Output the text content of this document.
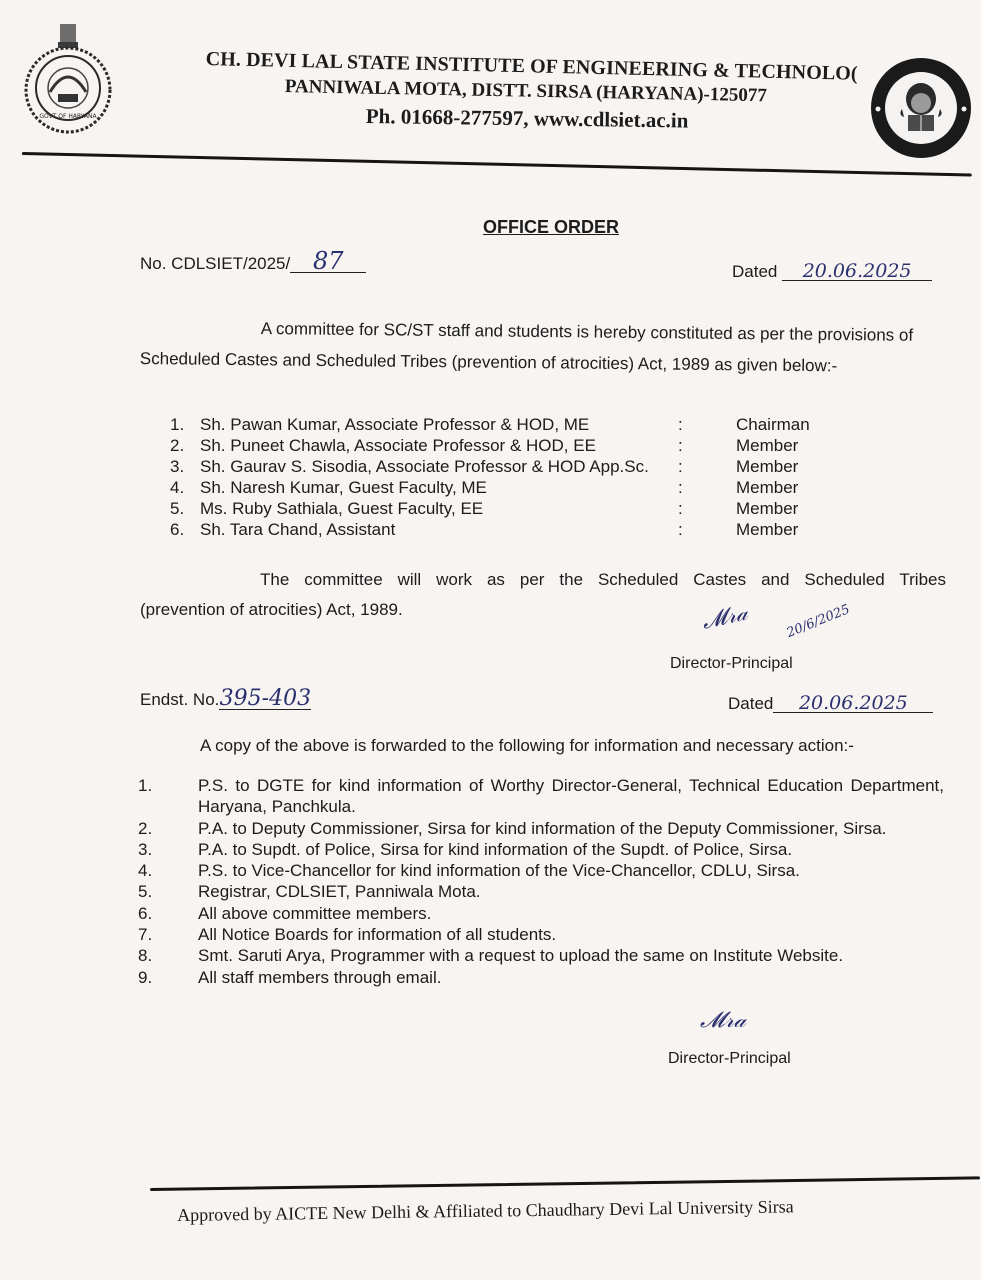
GOVT OF HARYANA
CH. DEVI LAL STATE INSTITUTE OF ENGINEERING & TECHNOLO(
PANNIWALA MOTA, DISTT. SIRSA (HARYANA)-125077
Ph. 01668-277597, www.cdlsiet.ac.in
OFFICE ORDER
No. CDLSIET/2025/ 87	Dated 20.06.2025
A committee for SC/ST staff and students is hereby constituted as per the provisions of
Scheduled Castes and Scheduled Tribes (prevention of atrocities) Act, 1989 as given below:-
1. Sh. Pawan Kumar, Associate Professor & HOD, ME	:	Chairman
2. Sh. Puneet Chawla, Associate Professor & HOD, EE	:	Member
3. Sh. Gaurav S. Sisodia, Associate Professor & HOD App.Sc.	:	Member
4. Sh. Naresh Kumar, Guest Faculty, ME	:	Member
5. Ms. Ruby Sathiala, Guest Faculty, EE	:	Member
6. Sh. Tara Chand, Assistant	:	Member
The committee will work as per the Scheduled Castes and Scheduled Tribes
(prevention of atrocities) Act, 1989.	𝓜𝓇𝒶	20/6/2025
Director-Principal
Endst. No.395-403	Dated 20.06.2025
A copy of the above is forwarded to the following for information and necessary action:-
1.	P.S. to DGTE for kind information of Worthy Director-General, Technical Education Department, Haryana, Panchkula.
2.	P.A. to Deputy Commissioner, Sirsa for kind information of the Deputy Commissioner, Sirsa.
3.	P.A. to Supdt. of Police, Sirsa for kind information of the Supdt. of Police, Sirsa.
4.	P.S. to Vice-Chancellor for kind information of the Vice-Chancellor, CDLU, Sirsa.
5.	Registrar, CDLSIET, Panniwala Mota.
6.	All above committee members.
7.	All Notice Boards for information of all students.
8.	Smt. Saruti Arya, Programmer with a request to upload the same on Institute Website.
9.	All staff members through email.
𝓜𝓇𝒶
Director-Principal
Approved by AICTE New Delhi & Affiliated to Chaudhary Devi Lal University Sirsa
